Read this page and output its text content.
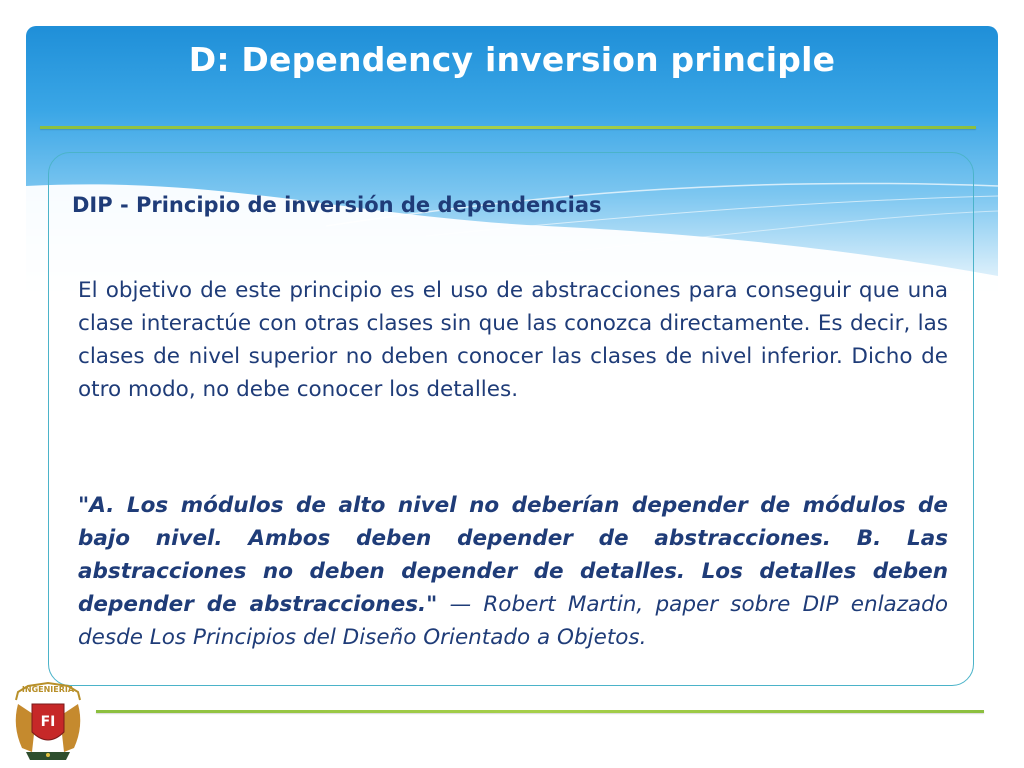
D: Dependency inversion principle
DIP - Principio de inversión de dependencias
El objetivo de este principio es el uso de abstracciones para conseguir que una clase interactúe con otras clases sin que las conozca directamente. Es decir, las clases de nivel superior no deben conocer las clases de nivel inferior. Dicho de otro modo, no debe conocer los detalles.
"A. Los módulos de alto nivel no deberían depender de módulos de bajo nivel. Ambos deben depender de abstracciones. B. Las abstracciones no deben depender de detalles. Los detalles deben depender de abstracciones." — Robert Martin, paper sobre DIP enlazado desde Los Principios del Diseño Orientado a Objetos.
INGENIERIA
FI
